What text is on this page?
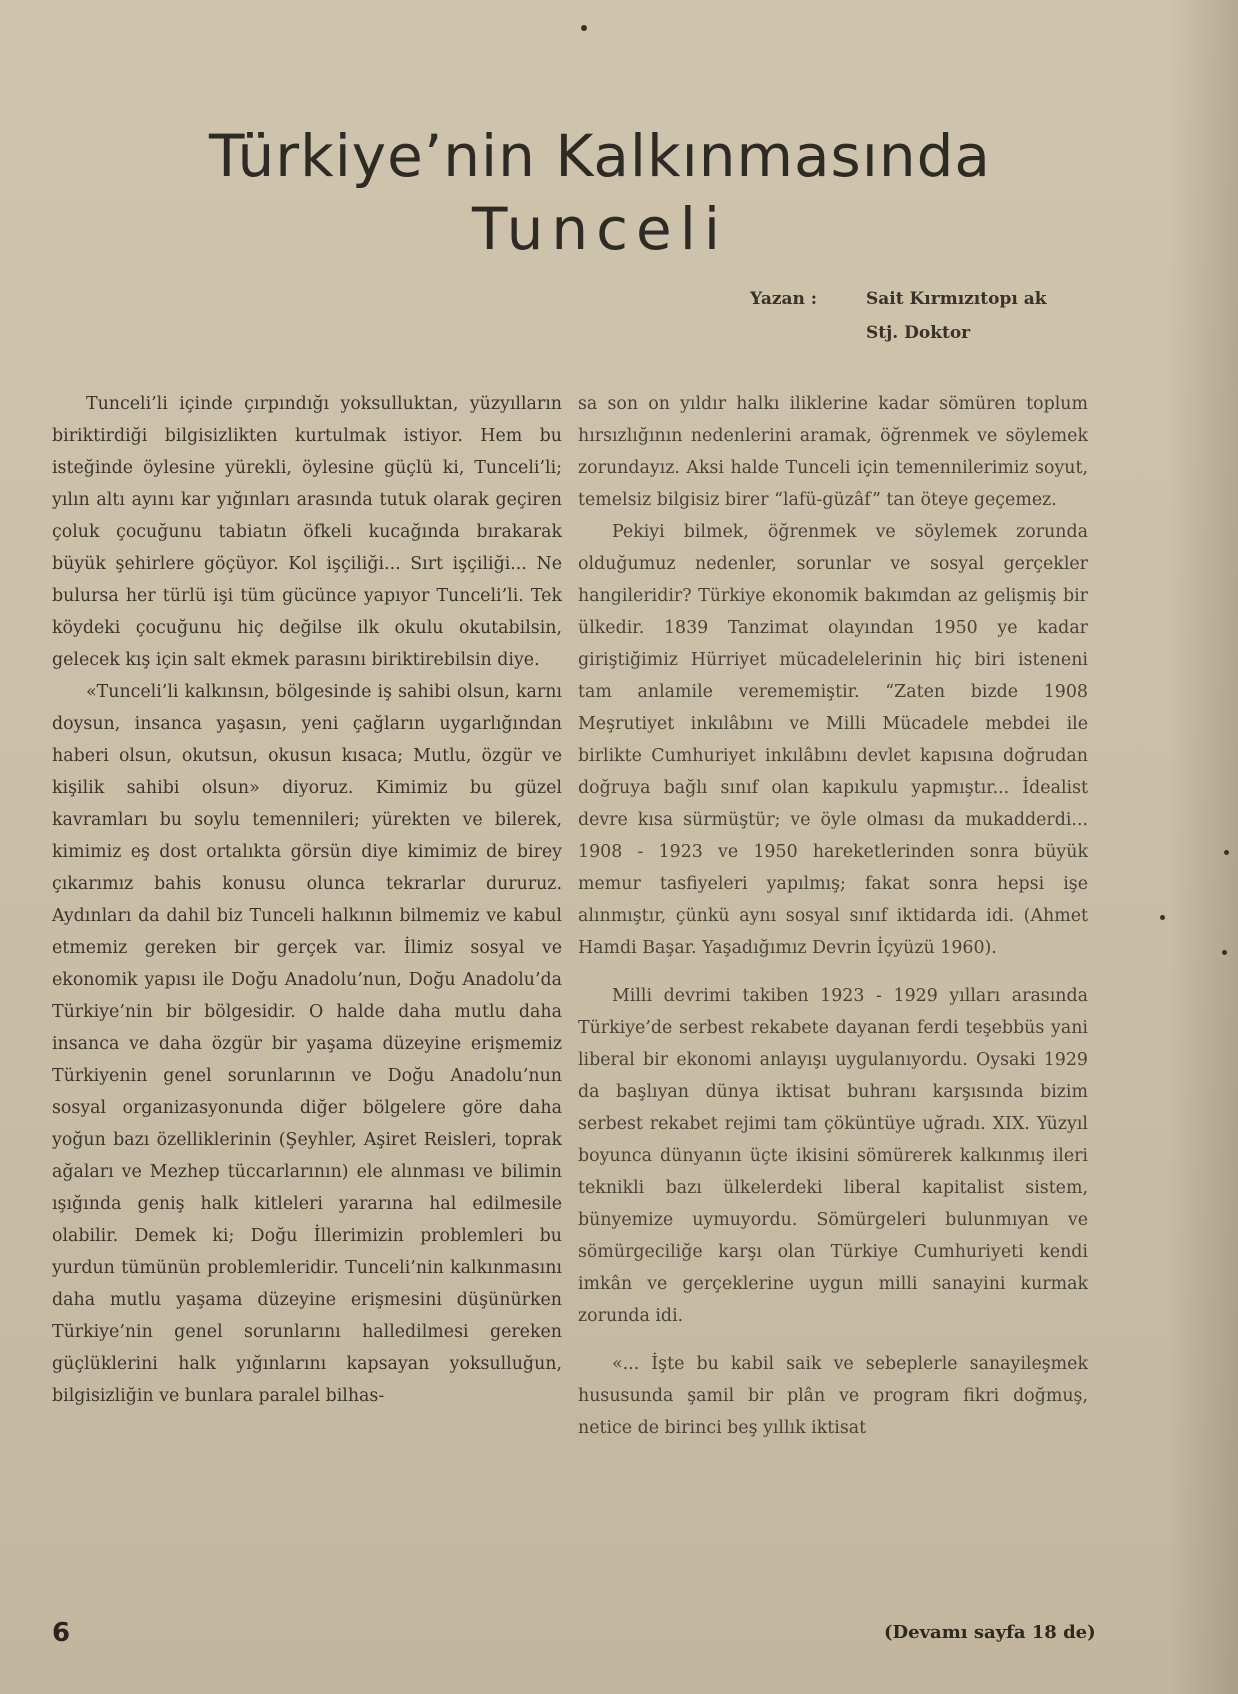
Türkiye’nin Kalkınmasında
Tunceli
Yazan :	Sait Kırmızıtopı ak
Stj. Doktor

Tunceli’li içinde çırpındığı yoksulluktan, yüzyılların biriktirdiği bilgisizlikten kurtulmak istiyor. Hem bu isteğinde öylesine yürekli, öylesine güçlü ki, Tunceli’li; yılın altı ayını kar yığınları arasında tutuk olarak geçiren çoluk çocuğunu tabiatın öfkeli kucağında bırakarak büyük şehirlere göçüyor. Kol işçiliği... Sırt işçiliği... Ne bulursa her türlü işi tüm gücünce yapıyor Tunceli’li. Tek köydeki çocuğunu hiç değilse ilk okulu okutabilsin, gelecek kış için salt ekmek parasını biriktirebilsin diye.

«Tunceli’li kalkınsın, bölgesinde iş sahibi olsun, karnı doysun, insanca yaşasın, yeni çağların uygarlığından haberi olsun, okutsun, okusun kısaca; Mutlu, özgür ve kişilik sahibi olsun» diyoruz. Kimimiz bu güzel kavramları bu soylu temennileri; yürekten ve bilerek, kimimiz eş dost ortalıkta görsün diye kimimiz de birey çıkarımız bahis konusu olunca tekrarlar dururuz. Aydınları da dahil biz Tunceli halkının bilmemiz ve kabul etmemiz gereken bir gerçek var. İlimiz sosyal ve ekonomik yapısı ile Doğu Anadolu’nun, Doğu Anadolu’da Türkiye’nin bir bölgesidir. O halde daha mutlu daha insanca ve daha özgür bir yaşama düzeyine erişmemiz Türkiyenin genel sorunlarının ve Doğu Anadolu’nun sosyal organizasyonunda diğer bölgelere göre daha yoğun bazı özelliklerinin (Şeyhler, Aşiret Reisleri, toprak ağaları ve Mezhep tüccarlarının) ele alınması ve bilimin ışığında geniş halk kitleleri yararına hal edilmesile olabilir. Demek ki; Doğu İllerimizin problemleri bu yurdun tümünün problemleridir. Tunceli’nin kalkınmasını daha mutlu yaşama düzeyine erişmesini düşünürken Türkiye’nin genel sorunlarını halledilmesi gereken güçlüklerini halk yığınlarını kapsayan yoksulluğun, bilgisizliğin ve bunlara paralel bilhas-

sa son on yıldır halkı iliklerine kadar sömüren toplum hırsızlığının nedenlerini aramak, öğrenmek ve söylemek zorundayız. Aksi halde Tunceli için temennilerimiz soyut, temelsiz bilgisiz birer “lafü-güzâf” tan öteye geçemez.

Pekiyi bilmek, öğrenmek ve söylemek zorunda olduğumuz nedenler, sorunlar ve sosyal gerçekler hangileridir? Türkiye ekonomik bakımdan az gelişmiş bir ülkedir. 1839 Tanzimat olayından 1950 ye kadar giriştiğimiz Hürriyet mücadelelerinin hiç biri isteneni tam anlamile verememiştir. “Zaten bizde 1908 Meşrutiyet inkılâbını ve Milli Mücadele mebdei ile birlikte Cumhuriyet inkılâbını devlet kapısına doğrudan doğruya bağlı sınıf olan kapıkulu yapmıştır... İdealist devre kısa sürmüştür; ve öyle olması da mukadderdi... 1908 - 1923 ve 1950 hareketlerinden sonra büyük memur tasfiyeleri yapılmış; fakat sonra hepsi işe alınmıştır, çünkü aynı sosyal sınıf iktidarda idi. (Ahmet Hamdi Başar. Yaşadığımız Devrin İçyüzü 1960).

Milli devrimi takiben 1923 - 1929 yılları arasında Türkiye’de serbest rekabete dayanan ferdi teşebbüs yani liberal bir ekonomi anlayışı uygulanıyordu. Oysaki 1929 da başlıyan dünya iktisat buhranı karşısında bizim serbest rekabet rejimi tam çöküntüye uğradı. XIX. Yüzyıl boyunca dünyanın üçte ikisini sömürerek kalkınmış ileri teknikli bazı ülkelerdeki liberal kapitalist sistem, bünyemize uymuyordu. Sömürgeleri bulunmıyan ve sömürgeciliğe karşı olan Türkiye Cumhuriyeti kendi imkân ve gerçeklerine uygun milli sanayini kurmak zorunda idi.

«... İşte bu kabil saik ve sebeplerle sanayileşmek hususunda şamil bir plân ve program fikri doğmuş, netice de birinci beş yıllık iktisat

6	(Devamı sayfa 18 de)
